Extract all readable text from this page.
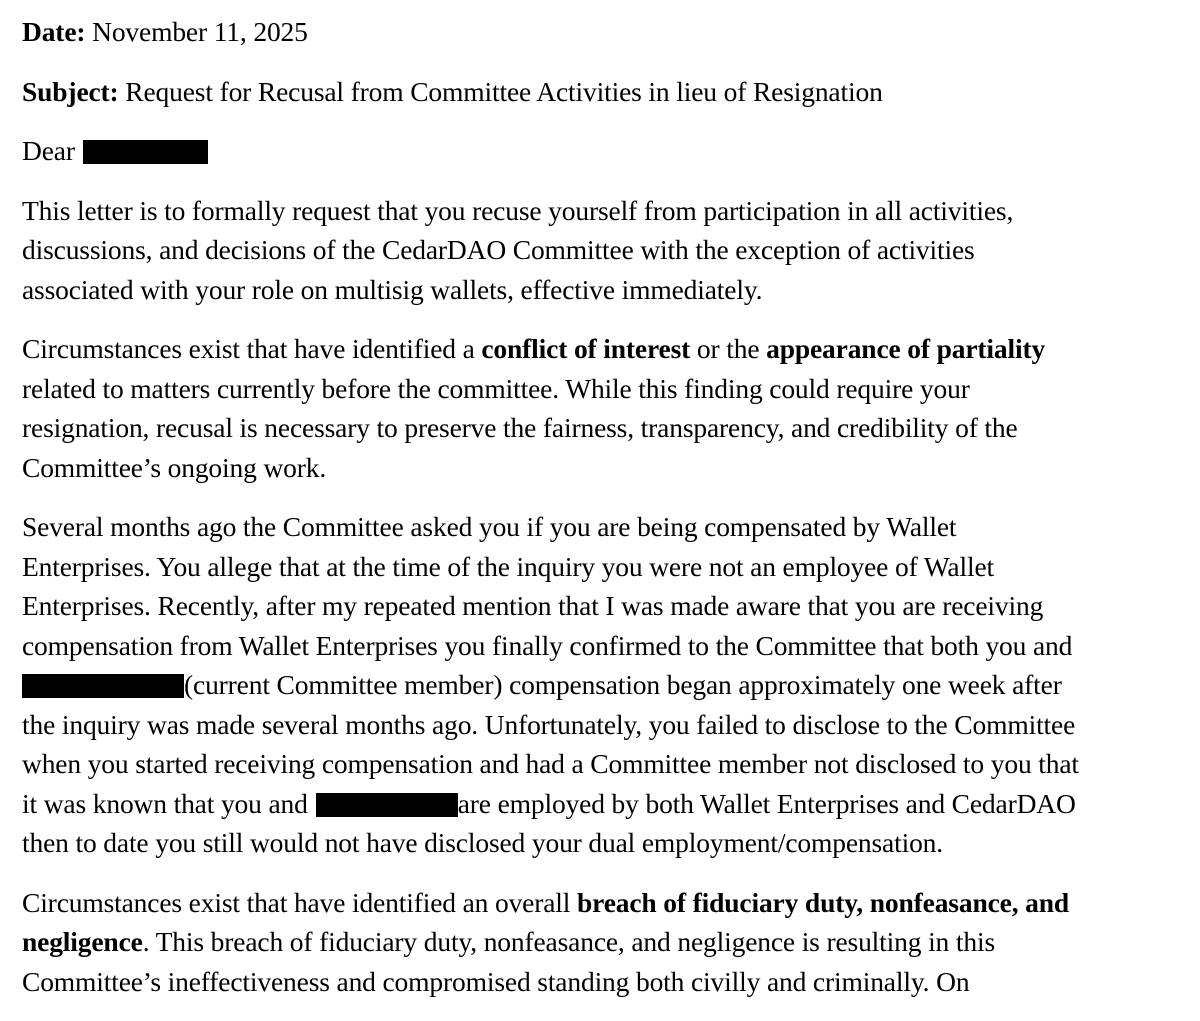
Date: November 11, 2025
Subject: Request for Recusal from Committee Activities in lieu of Resignation
Dear
This letter is to formally request that you recuse yourself from participation in all activities,
discussions, and decisions of the CedarDAO Committee with the exception of activities
associated with your role on multisig wallets, effective immediately.
Circumstances exist that have identified a conflict of interest or the appearance of partiality
related to matters currently before the committee. While this finding could require your
resignation, recusal is necessary to preserve the fairness, transparency, and credibility of the
Committee’s ongoing work.
Several months ago the Committee asked you if you are being compensated by Wallet
Enterprises. You allege that at the time of the inquiry you were not an employee of Wallet
Enterprises. Recently, after my repeated mention that I was made aware that you are receiving
compensation from Wallet Enterprises you finally confirmed to the Committee that both you and
(current Committee member) compensation began approximately one week after
the inquiry was made several months ago. Unfortunately, you failed to disclose to the Committee
when you started receiving compensation and had a Committee member not disclosed to you that
it was known that you and	are employed by both Wallet Enterprises and CedarDAO
then to date you still would not have disclosed your dual employment/compensation.
Circumstances exist that have identified an overall breach of fiduciary duty, nonfeasance, and
negligence. This breach of fiduciary duty, nonfeasance, and negligence is resulting in this
Committee’s ineffectiveness and compromised standing both civilly and criminally. On
